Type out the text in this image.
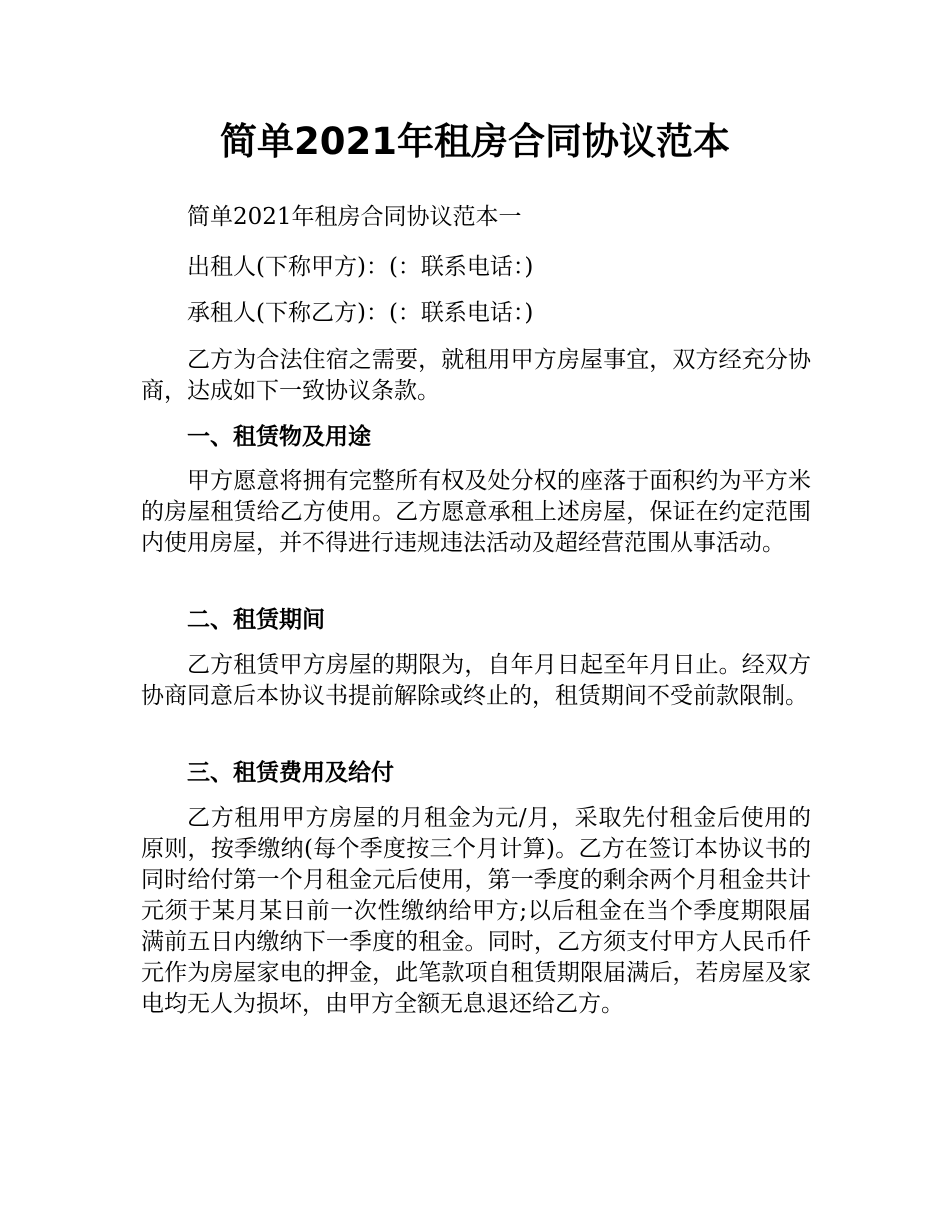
简单2021年租房合同协议范本

简单2021年租房合同协议范本一

出租人(下称甲方)：(：联系电话：)

承租人(下称乙方)：(：联系电话：)

乙方为合法住宿之需要，就租用甲方房屋事宜，双方经充分协商，达成如下一致协议条款。

一、租赁物及用途

甲方愿意将拥有完整所有权及处分权的座落于面积约为平方米的房屋租赁给乙方使用。乙方愿意承租上述房屋，保证在约定范围内使用房屋，并不得进行违规违法活动及超经营范围从事活动。

二、租赁期间

乙方租赁甲方房屋的期限为，自年月日起至年月日止。经双方协商同意后本协议书提前解除或终止的，租赁期间不受前款限制。

三、租赁费用及给付

乙方租用甲方房屋的月租金为元/月，采取先付租金后使用的原则，按季缴纳(每个季度按三个月计算)。乙方在签订本协议书的同时给付第一个月租金元后使用，第一季度的剩余两个月租金共计元须于某月某日前一次性缴纳给甲方;以后租金在当个季度期限届满前五日内缴纳下一季度的租金。同时，乙方须支付甲方人民币仟元作为房屋家电的押金，此笔款项自租赁期限届满后，若房屋及家电均无人为损坏，由甲方全额无息退还给乙方。
